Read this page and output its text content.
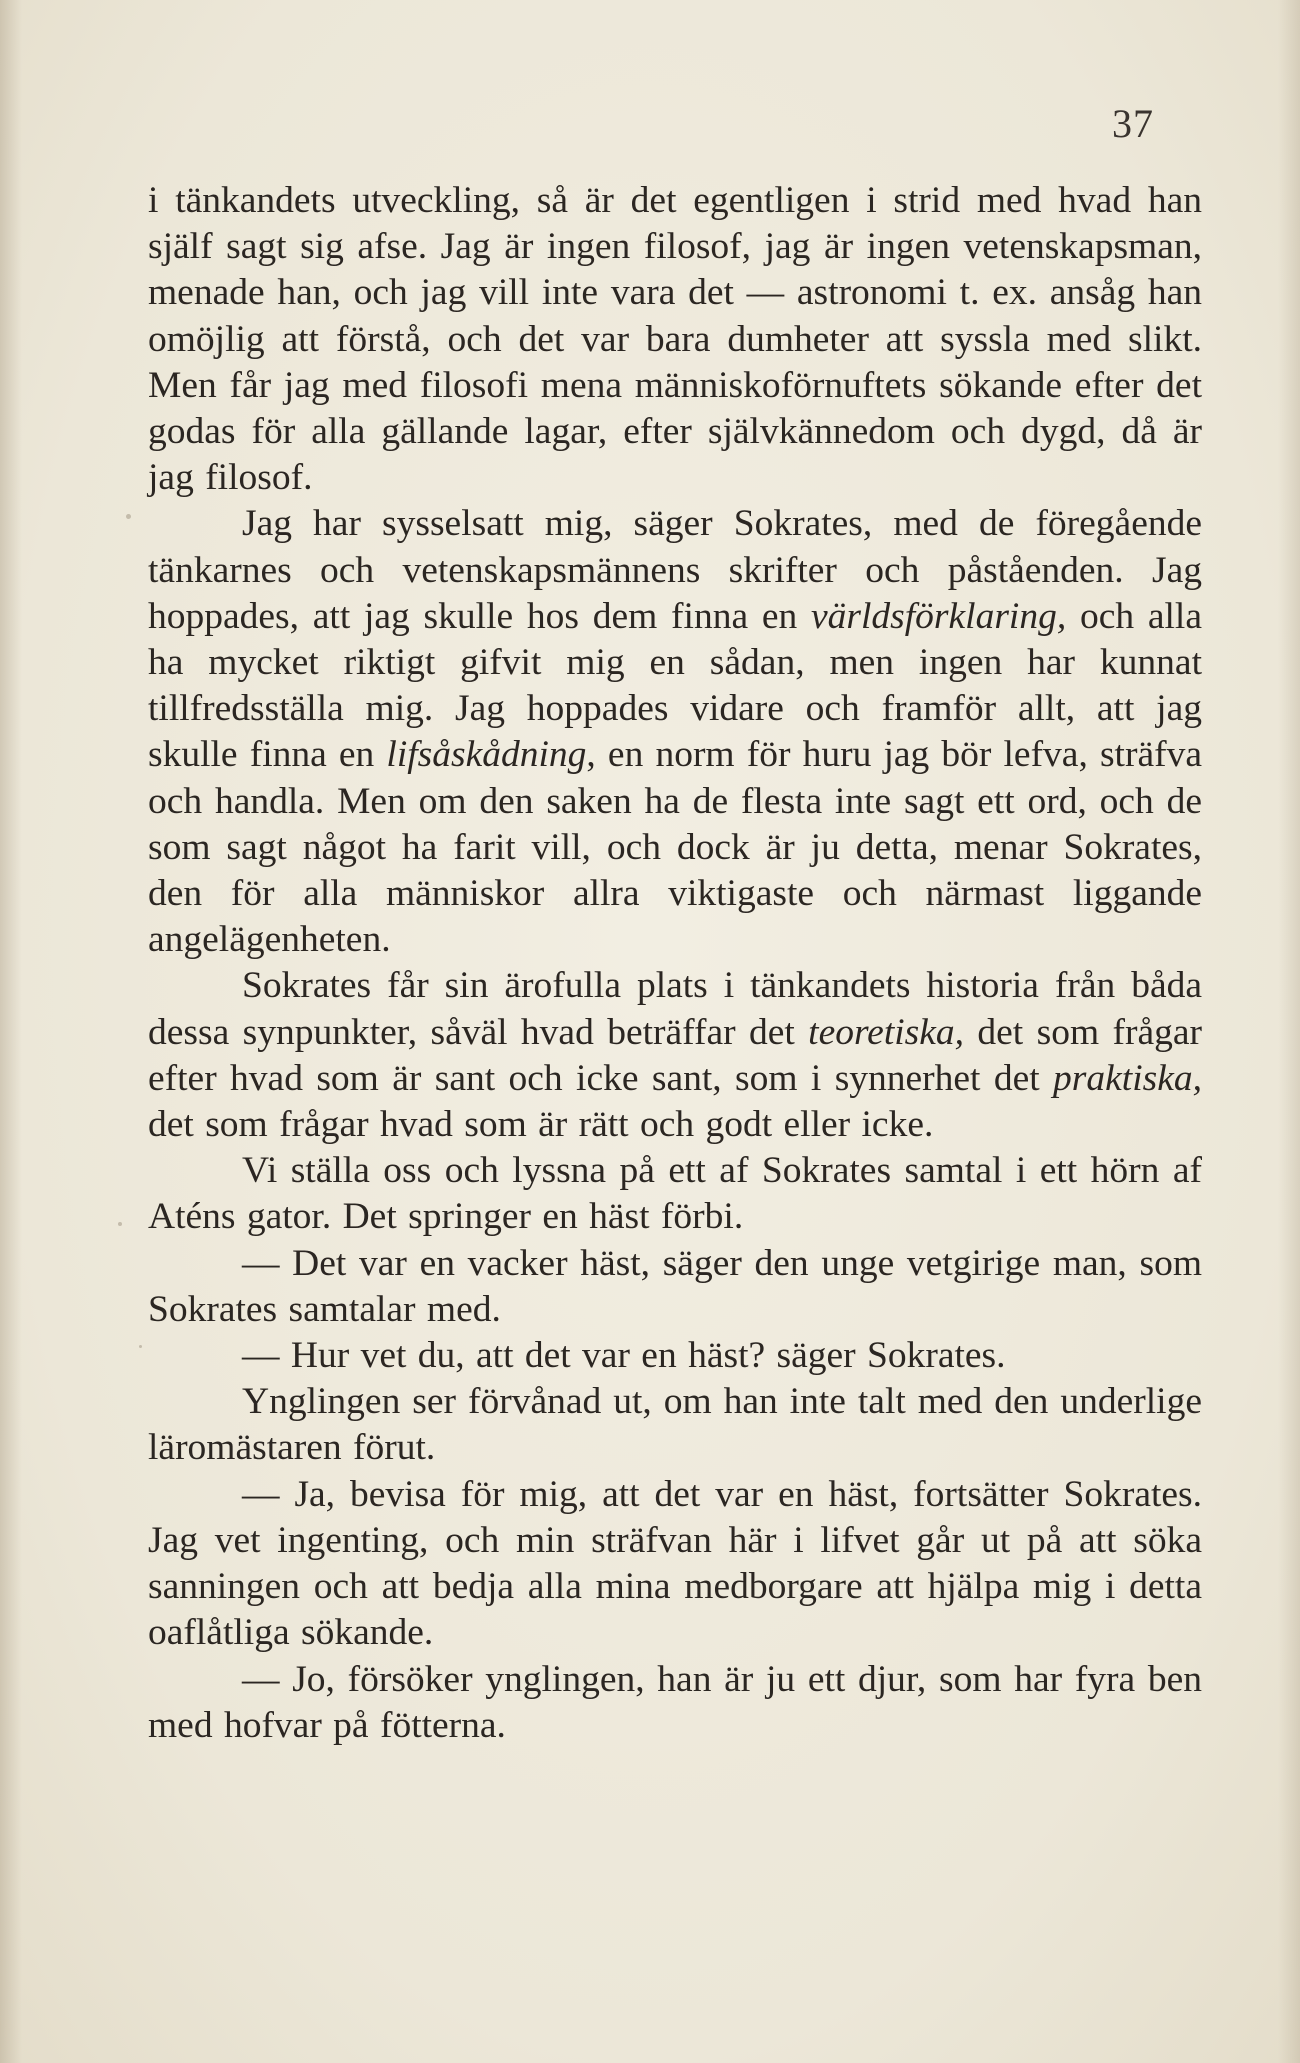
37

i tänkandets utveckling, så är det egentligen i strid med hvad han själf sagt sig afse. Jag är ingen filosof, jag är ingen vetenskapsman, menade han, och jag vill inte vara det — astronomi t. ex. ansåg han omöjlig att förstå, och det var bara dumheter att syssla med slikt. Men får jag med filosofi mena människoförnuftets sökande efter det godas för alla gällande lagar, efter självkännedom och dygd, då är jag filosof.

Jag har sysselsatt mig, säger Sokrates, med de föregående tänkarnes och vetenskapsmännens skrifter och påståenden. Jag hoppades, att jag skulle hos dem finna en världsförklaring, och alla ha mycket riktigt gifvit mig en sådan, men ingen har kunnat tillfredsställa mig. Jag hoppades vidare och framför allt, att jag skulle finna en lifsåskådning, en norm för huru jag bör lefva, sträfva och handla. Men om den saken ha de flesta inte sagt ett ord, och de som sagt något ha farit vill, och dock är ju detta, menar Sokrates, den för alla människor allra viktigaste och närmast liggande angelägenheten.

Sokrates får sin ärofulla plats i tänkandets historia från båda dessa synpunkter, såväl hvad beträffar det teoretiska, det som frågar efter hvad som är sant och icke sant, som i synnerhet det praktiska, det som frågar hvad som är rätt och godt eller icke.

Vi ställa oss och lyssna på ett af Sokrates samtal i ett hörn af Aténs gator. Det springer en häst förbi.

— Det var en vacker häst, säger den unge vetgirige man, som Sokrates samtalar med.

— Hur vet du, att det var en häst? säger Sokrates.

Ynglingen ser förvånad ut, om han inte talt med den underlige läromästaren förut.

— Ja, bevisa för mig, att det var en häst, fortsätter Sokrates. Jag vet ingenting, och min sträfvan här i lifvet går ut på att söka sanningen och att bedja alla mina medborgare att hjälpa mig i detta oaflåtliga sökande.

— Jo, försöker ynglingen, han är ju ett djur, som har fyra ben med hofvar på fötterna.
